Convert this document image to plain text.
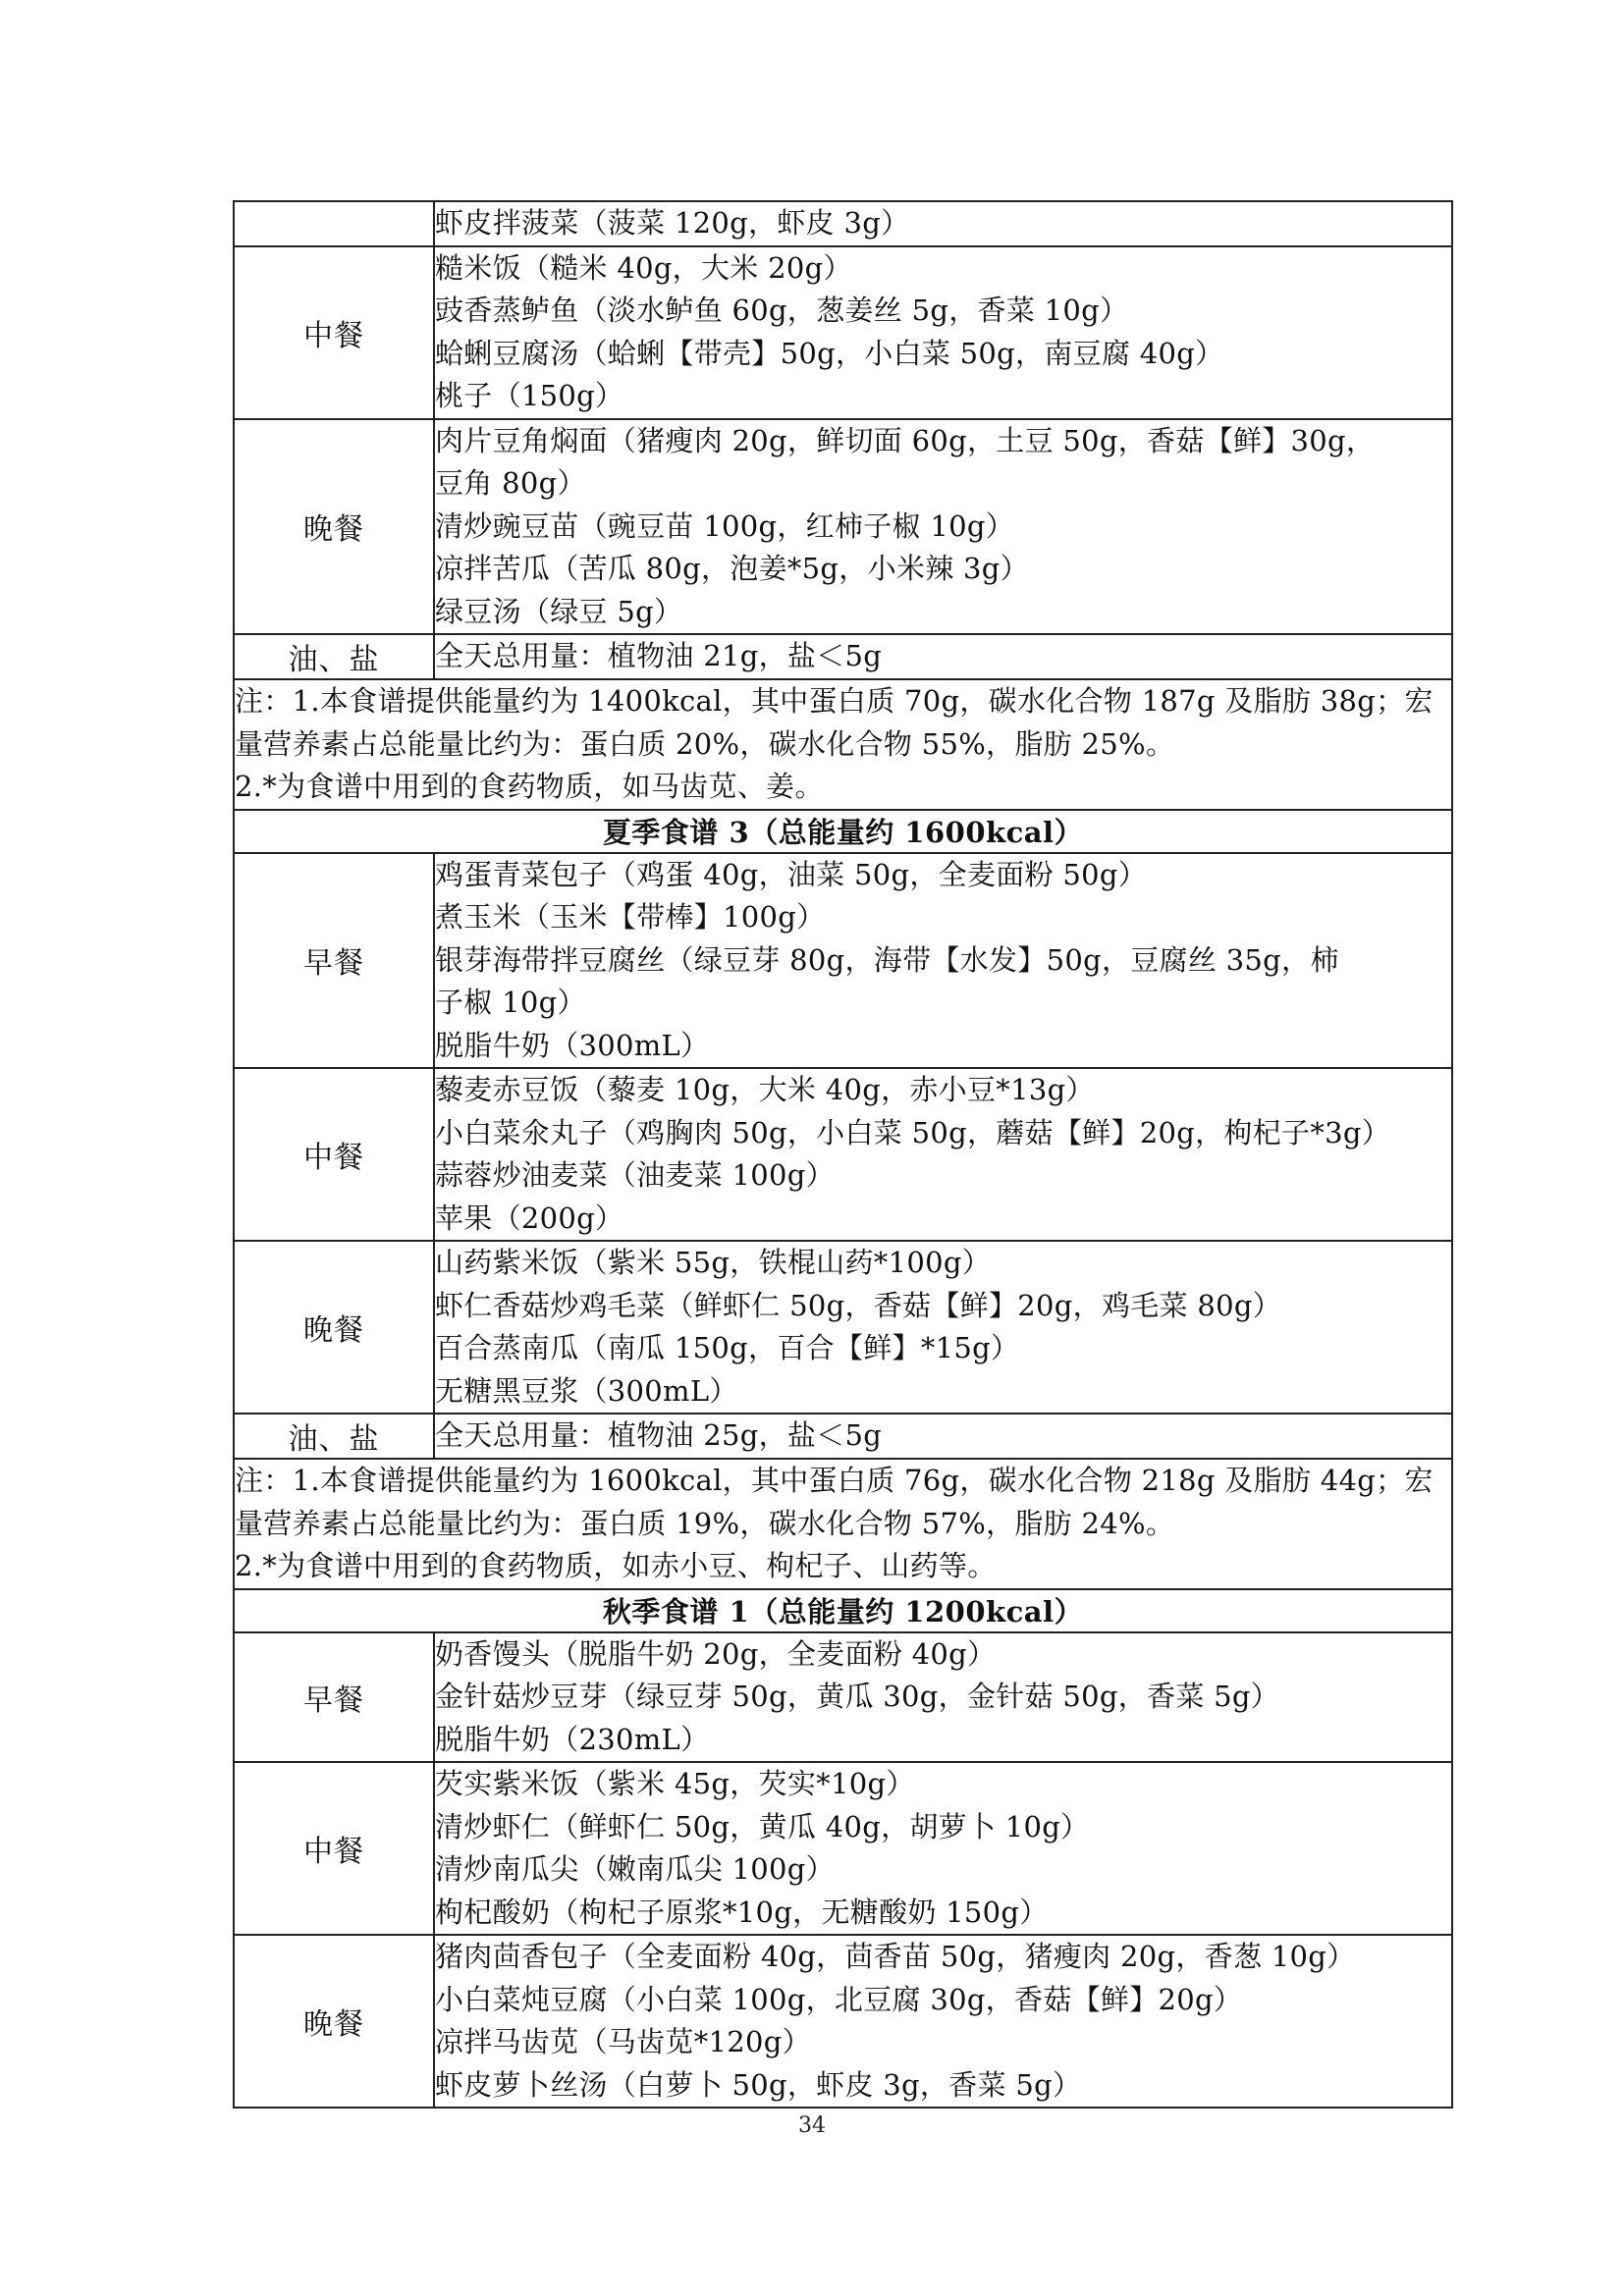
	虾皮拌菠菜（菠菜 120g，虾皮 3g）

中餐	糙米饭（糙米 40g，大米 20g）
豉香蒸鲈鱼（淡水鲈鱼 60g，葱姜丝 5g，香菜 10g）
蛤蜊豆腐汤（蛤蜊【带壳】50g，小白菜 50g，南豆腐 40g）
桃子（150g）

晚餐	肉片豆角焖面（猪瘦肉 20g，鲜切面 60g，土豆 50g，香菇【鲜】30g，
豆角 80g）
清炒豌豆苗（豌豆苗 100g，红柿子椒 10g）
凉拌苦瓜（苦瓜 80g，泡姜*5g，小米辣 3g）
绿豆汤（绿豆 5g）

油、盐	全天总用量：植物油 21g，盐＜5g

注：1.本食谱提供能量约为 1400kcal，其中蛋白质 70g，碳水化合物 187g 及脂肪 38g；宏量营养素占总能量比约为：蛋白质 20%，碳水化合物 55%，脂肪 25%。
2.*为食谱中用到的食药物质，如马齿苋、姜。	

夏季食谱 3（总能量约 1600kcal）	
早餐	鸡蛋青菜包子（鸡蛋 40g，油菜 50g，全麦面粉 50g）
煮玉米（玉米【带棒】100g）
银芽海带拌豆腐丝（绿豆芽 80g，海带【水发】50g，豆腐丝 35g，柿
子椒 10g）
脱脂牛奶（300mL）

中餐	藜麦赤豆饭（藜麦 10g，大米 40g，赤小豆*13g）
小白菜氽丸子（鸡胸肉 50g，小白菜 50g，蘑菇【鲜】20g，枸杞子*3g）
蒜蓉炒油麦菜（油麦菜 100g）
苹果（200g）

晚餐	山药紫米饭（紫米 55g，铁棍山药*100g）
虾仁香菇炒鸡毛菜（鲜虾仁 50g，香菇【鲜】20g，鸡毛菜 80g）
百合蒸南瓜（南瓜 150g，百合【鲜】*15g）
无糖黑豆浆（300mL）

油、盐	全天总用量：植物油 25g，盐＜5g

注：1.本食谱提供能量约为 1600kcal，其中蛋白质 76g，碳水化合物 218g 及脂肪 44g；宏量营养素占总能量比约为：蛋白质 19%，碳水化合物 57%，脂肪 24%。
2.*为食谱中用到的食药物质，如赤小豆、枸杞子、山药等。	

秋季食谱 1（总能量约 1200kcal）	
早餐	奶香馒头（脱脂牛奶 20g，全麦面粉 40g）
金针菇炒豆芽（绿豆芽 50g，黄瓜 30g，金针菇 50g，香菜 5g）
脱脂牛奶（230mL）

中餐	芡实紫米饭（紫米 45g，芡实*10g）
清炒虾仁（鲜虾仁 50g，黄瓜 40g，胡萝卜 10g）
清炒南瓜尖（嫩南瓜尖 100g）
枸杞酸奶（枸杞子原浆*10g，无糖酸奶 150g）

晚餐	猪肉茴香包子（全麦面粉 40g，茴香苗 50g，猪瘦肉 20g，香葱 10g）
小白菜炖豆腐（小白菜 100g，北豆腐 30g，香菇【鲜】20g）
凉拌马齿苋（马齿苋*120g）
虾皮萝卜丝汤（白萝卜 50g，虾皮 3g，香菜 5g）
34
